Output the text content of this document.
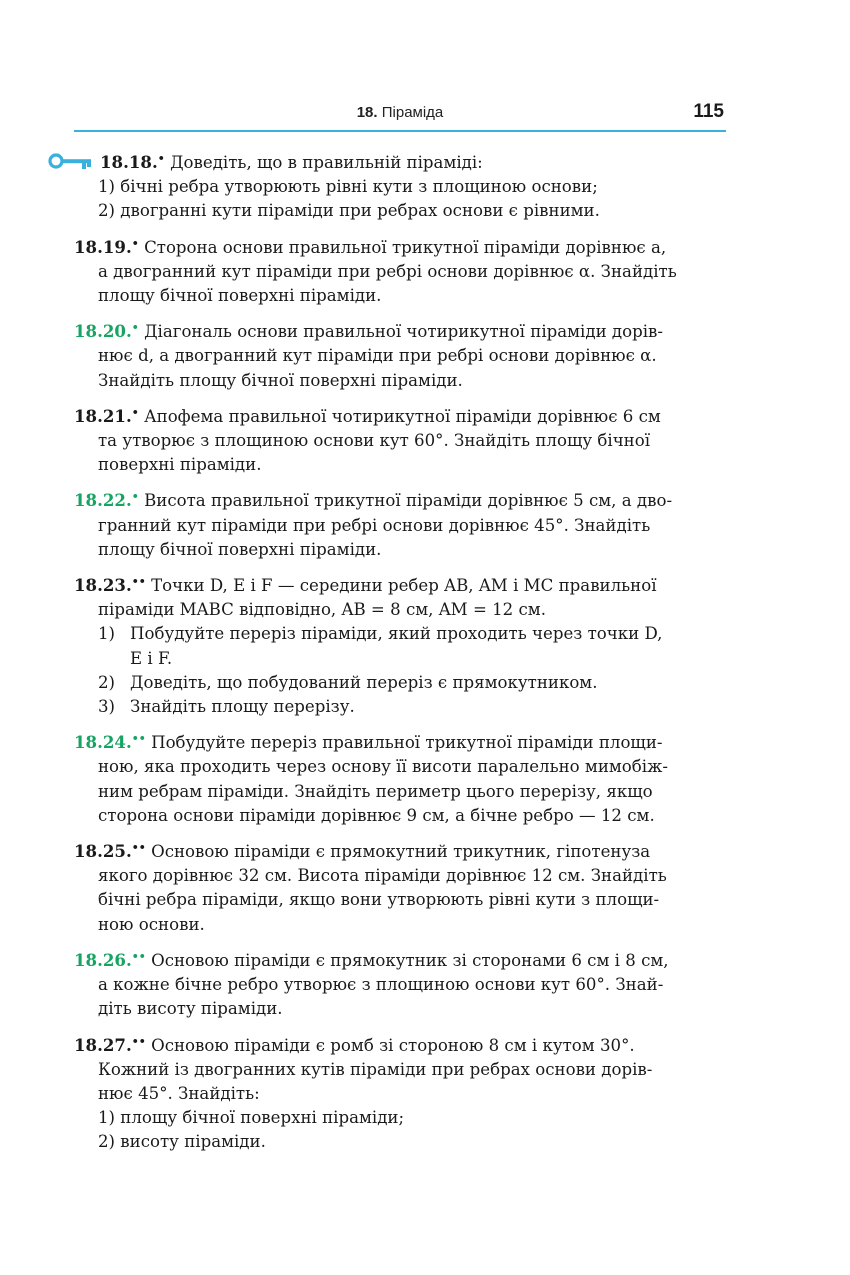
18. Піраміда	115
18.18.• Доведіть, що в правильній піраміді:
1) бічні ребра утворюють рівні кути з площиною основи;
2) двогранні кути піраміди при ребрах основи є рівними.
18.19.• Сторона основи правильної трикутної піраміди дорівнює a,
а двогранний кут піраміди при ребрі основи дорівнює α. Знайдіть
площу бічної поверхні піраміди.
18.20.• Діагональ основи правильної чотирикутної піраміди дорів-
нює d, а двогранний кут піраміди при ребрі основи дорівнює α.
Знайдіть площу бічної поверхні піраміди.
18.21.• Апофема правильної чотирикутної піраміди дорівнює 6 см
та утворює з площиною основи кут 60°. Знайдіть площу бічної
поверхні піраміди.
18.22.• Висота правильної трикутної піраміди дорівнює 5 см, а дво-
гранний кут піраміди при ребрі основи дорівнює 45°. Знайдіть
площу бічної поверхні піраміди.
18.23.•• Точки D, E і F — середини ребер AB, AM і MC правильної
піраміди MABC відповідно, AB = 8 см, AM = 12 см.
1) Побудуйте переріз піраміди, який проходить через точки D,
E і F.
2) Доведіть, що побудований переріз є прямокутником.
3) Знайдіть площу перерізу.
18.24.•• Побудуйте переріз правильної трикутної піраміди площи-
ною, яка проходить через основу її висоти паралельно мимобіж-
ним ребрам піраміди. Знайдіть периметр цього перерізу, якщо
сторона основи піраміди дорівнює 9 см, а бічне ребро — 12 см.
18.25.•• Основою піраміди є прямокутний трикутник, гіпотенуза
якого дорівнює 32 см. Висота піраміди дорівнює 12 см. Знайдіть
бічні ребра піраміди, якщо вони утворюють рівні кути з площи-
ною основи.
18.26.•• Основою піраміди є прямокутник зі сторонами 6 см і 8 см,
а кожне бічне ребро утворює з площиною основи кут 60°. Знай-
діть висоту піраміди.
18.27.•• Основою піраміди є ромб зі стороною 8 см і кутом 30°.
Кожний із двогранних кутів піраміди при ребрах основи дорів-
нює 45°. Знайдіть:
1) площу бічної поверхні піраміди;
2) висоту піраміди.
